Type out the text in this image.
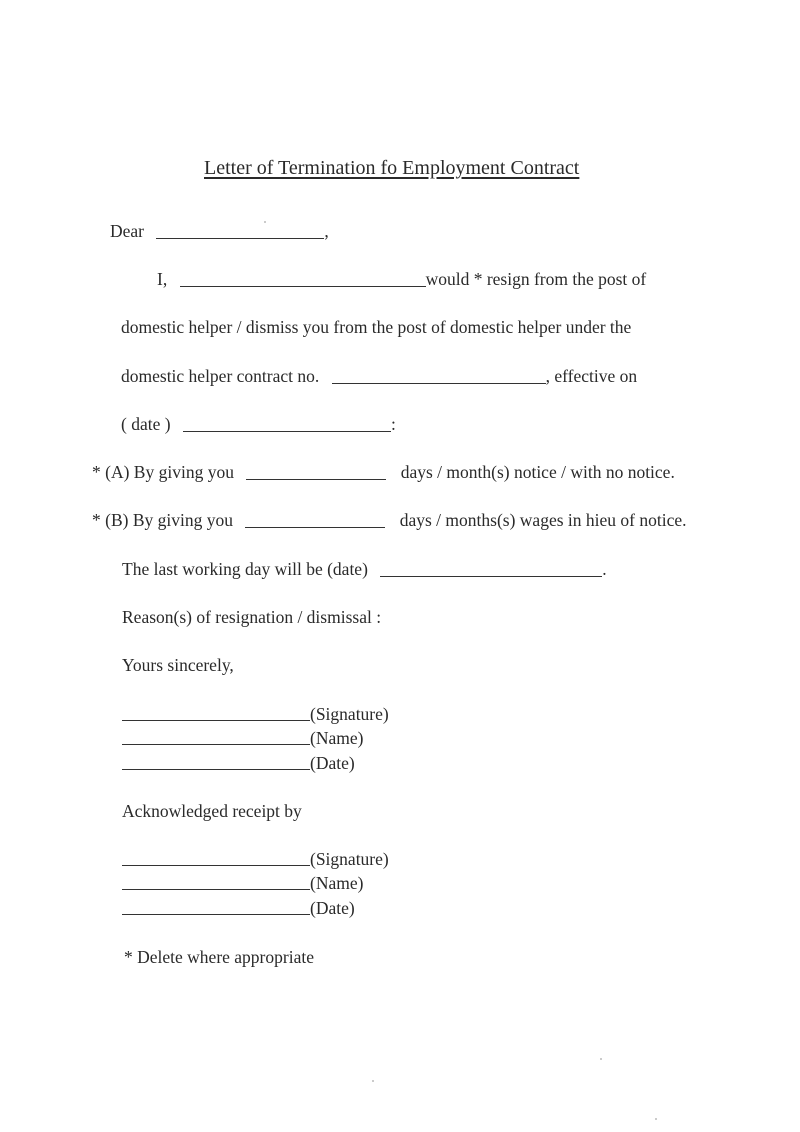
Letter of Termination fo Employment Contract
Dear	,
I,	would * resign from the post of
domestic helper / dismiss you from the post of domestic helper under the
domestic helper contract no.	, effective on
( date )	:
* (A) By giving you	days / month(s) notice / with no notice.
* (B) By giving you	days / months(s) wages in hieu of notice.
The last working day will be (date)	.
Reason(s) of resignation / dismissal :
Yours sincerely,
(Signature)
(Name)
(Date)
Acknowledged receipt by
(Signature)
(Name)
(Date)
* Delete where appropriate
